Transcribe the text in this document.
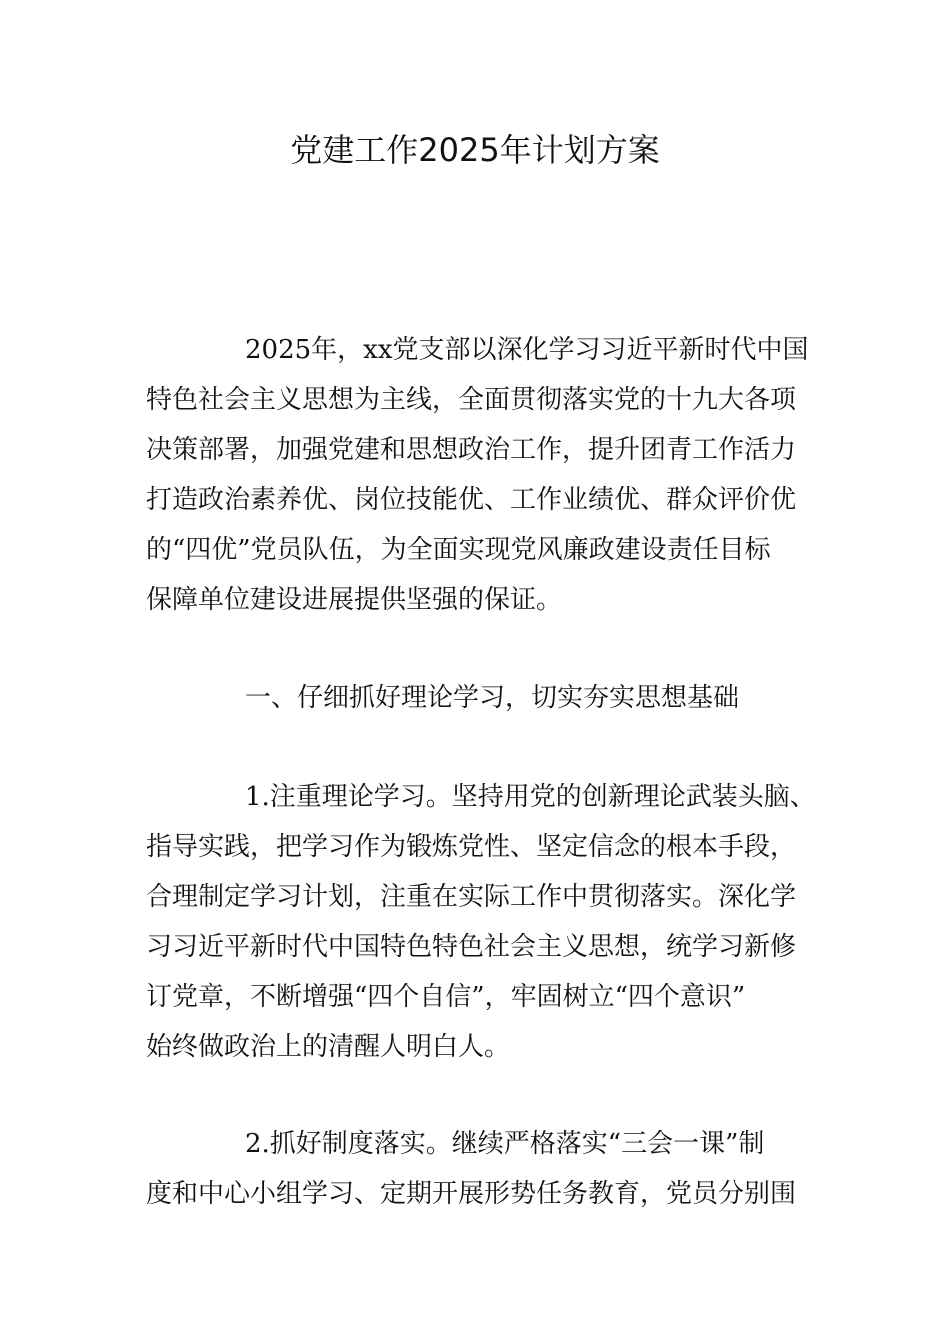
党建工作2025年计划方案
2025年，xx党支部以深化学习习近平新时代中国
特色社会主义思想为主线，全面贯彻落实党的十九大各项
决策部署，加强党建和思想政治工作，提升团青工作活力
打造政治素养优、岗位技能优、工作业绩优、群众评价优
的“四优”党员队伍，为全面实现党风廉政建设责任目标
保障单位建设进展提供坚强的保证。
一、仔细抓好理论学习，切实夯实思想基础
1.注重理论学习。坚持用党的创新理论武装头脑、
指导实践，把学习作为锻炼党性、坚定信念的根本手段，
合理制定学习计划，注重在实际工作中贯彻落实。深化学
习习近平新时代中国特色特色社会主义思想，统学习新修
订党章，不断增强“四个自信”，牢固树立“四个意识”
始终做政治上的清醒人明白人。
2.抓好制度落实。继续严格落实“三会一课”制
度和中心小组学习、定期开展形势任务教育，党员分别围
